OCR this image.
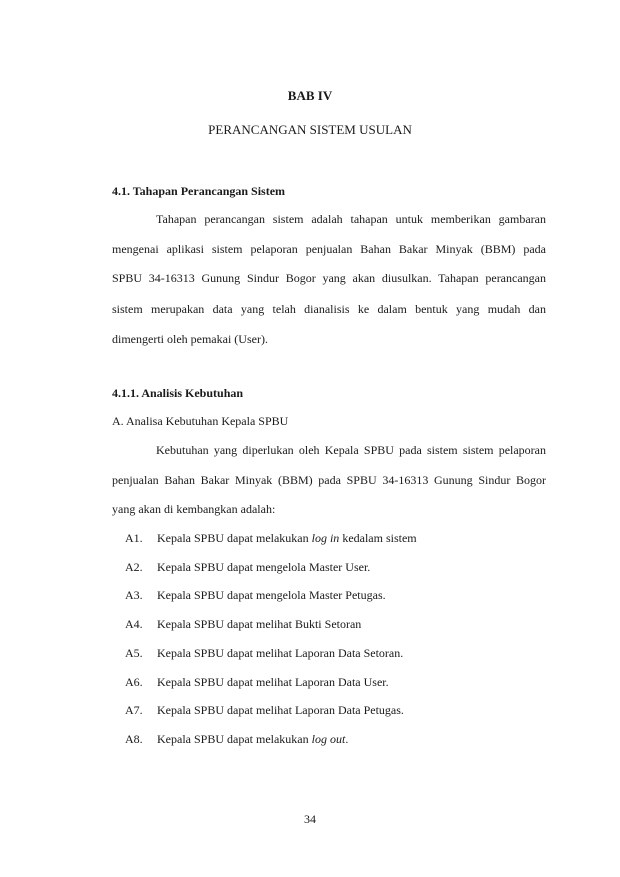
BAB IV
PERANCANGAN SISTEM USULAN
4.1. Tahapan Perancangan Sistem
Tahapan perancangan sistem adalah tahapan untuk memberikan gambaran
mengenai aplikasi sistem pelaporan penjualan Bahan Bakar Minyak (BBM) pada
SPBU 34-16313 Gunung Sindur Bogor yang akan diusulkan. Tahapan perancangan
sistem merupakan data yang telah dianalisis ke dalam bentuk yang mudah dan
dimengerti oleh pemakai (User).
4.1.1. Analisis Kebutuhan
A. Analisa Kebutuhan Kepala SPBU
Kebutuhan yang diperlukan oleh Kepala SPBU pada sistem sistem pelaporan
penjualan Bahan Bakar Minyak (BBM) pada SPBU 34-16313 Gunung Sindur Bogor
yang akan di kembangkan adalah:
A1. Kepala SPBU dapat melakukan log in kedalam sistem
A2. Kepala SPBU dapat mengelola Master User.
A3. Kepala SPBU dapat mengelola Master Petugas.
A4. Kepala SPBU dapat melihat Bukti Setoran
A5. Kepala SPBU dapat melihat Laporan Data Setoran.
A6. Kepala SPBU dapat melihat Laporan Data User.
A7. Kepala SPBU dapat melihat Laporan Data Petugas.
A8. Kepala SPBU dapat melakukan log out.
34
